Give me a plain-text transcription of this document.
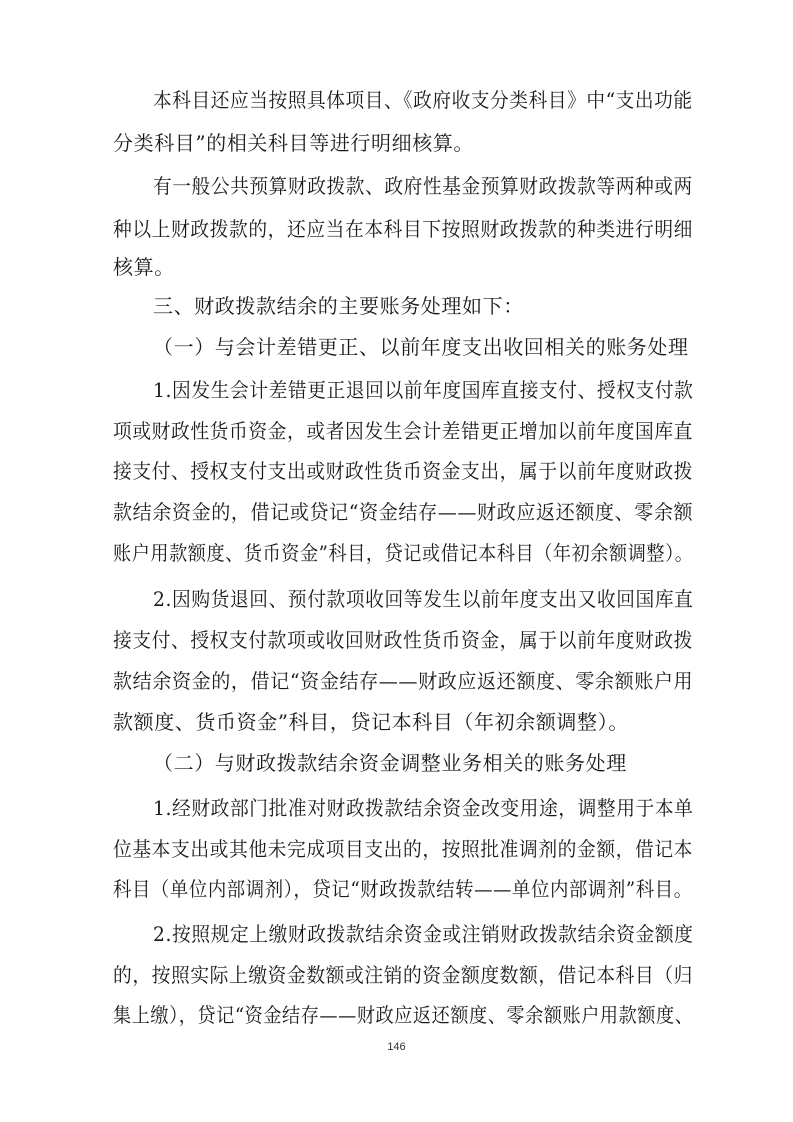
本科目还应当按照具体项目、《政府收支分类科目》中“支出功能
分类科目”的相关科目等进行明细核算。
有一般公共预算财政拨款、政府性基金预算财政拨款等两种或两
种以上财政拨款的，还应当在本科目下按照财政拨款的种类进行明细
核算。
三、财政拨款结余的主要账务处理如下：
（一）与会计差错更正、以前年度支出收回相关的账务处理
1.因发生会计差错更正退回以前年度国库直接支付、授权支付款
项或财政性货币资金，或者因发生会计差错更正增加以前年度国库直
接支付、授权支付支出或财政性货币资金支出，属于以前年度财政拨
款结余资金的，借记或贷记“资金结存——财政应返还额度、零余额
账户用款额度、货币资金”科目，贷记或借记本科目（年初余额调整）。
2.因购货退回、预付款项收回等发生以前年度支出又收回国库直
接支付、授权支付款项或收回财政性货币资金，属于以前年度财政拨
款结余资金的，借记“资金结存——财政应返还额度、零余额账户用
款额度、货币资金”科目，贷记本科目（年初余额调整）。
（二）与财政拨款结余资金调整业务相关的账务处理
1.经财政部门批准对财政拨款结余资金改变用途，调整用于本单
位基本支出或其他未完成项目支出的，按照批准调剂的金额，借记本
科目（单位内部调剂），贷记“财政拨款结转——单位内部调剂”科目。
2.按照规定上缴财政拨款结余资金或注销财政拨款结余资金额度
的，按照实际上缴资金数额或注销的资金额度数额，借记本科目（归
集上缴），贷记“资金结存——财政应返还额度、零余额账户用款额度、
146
